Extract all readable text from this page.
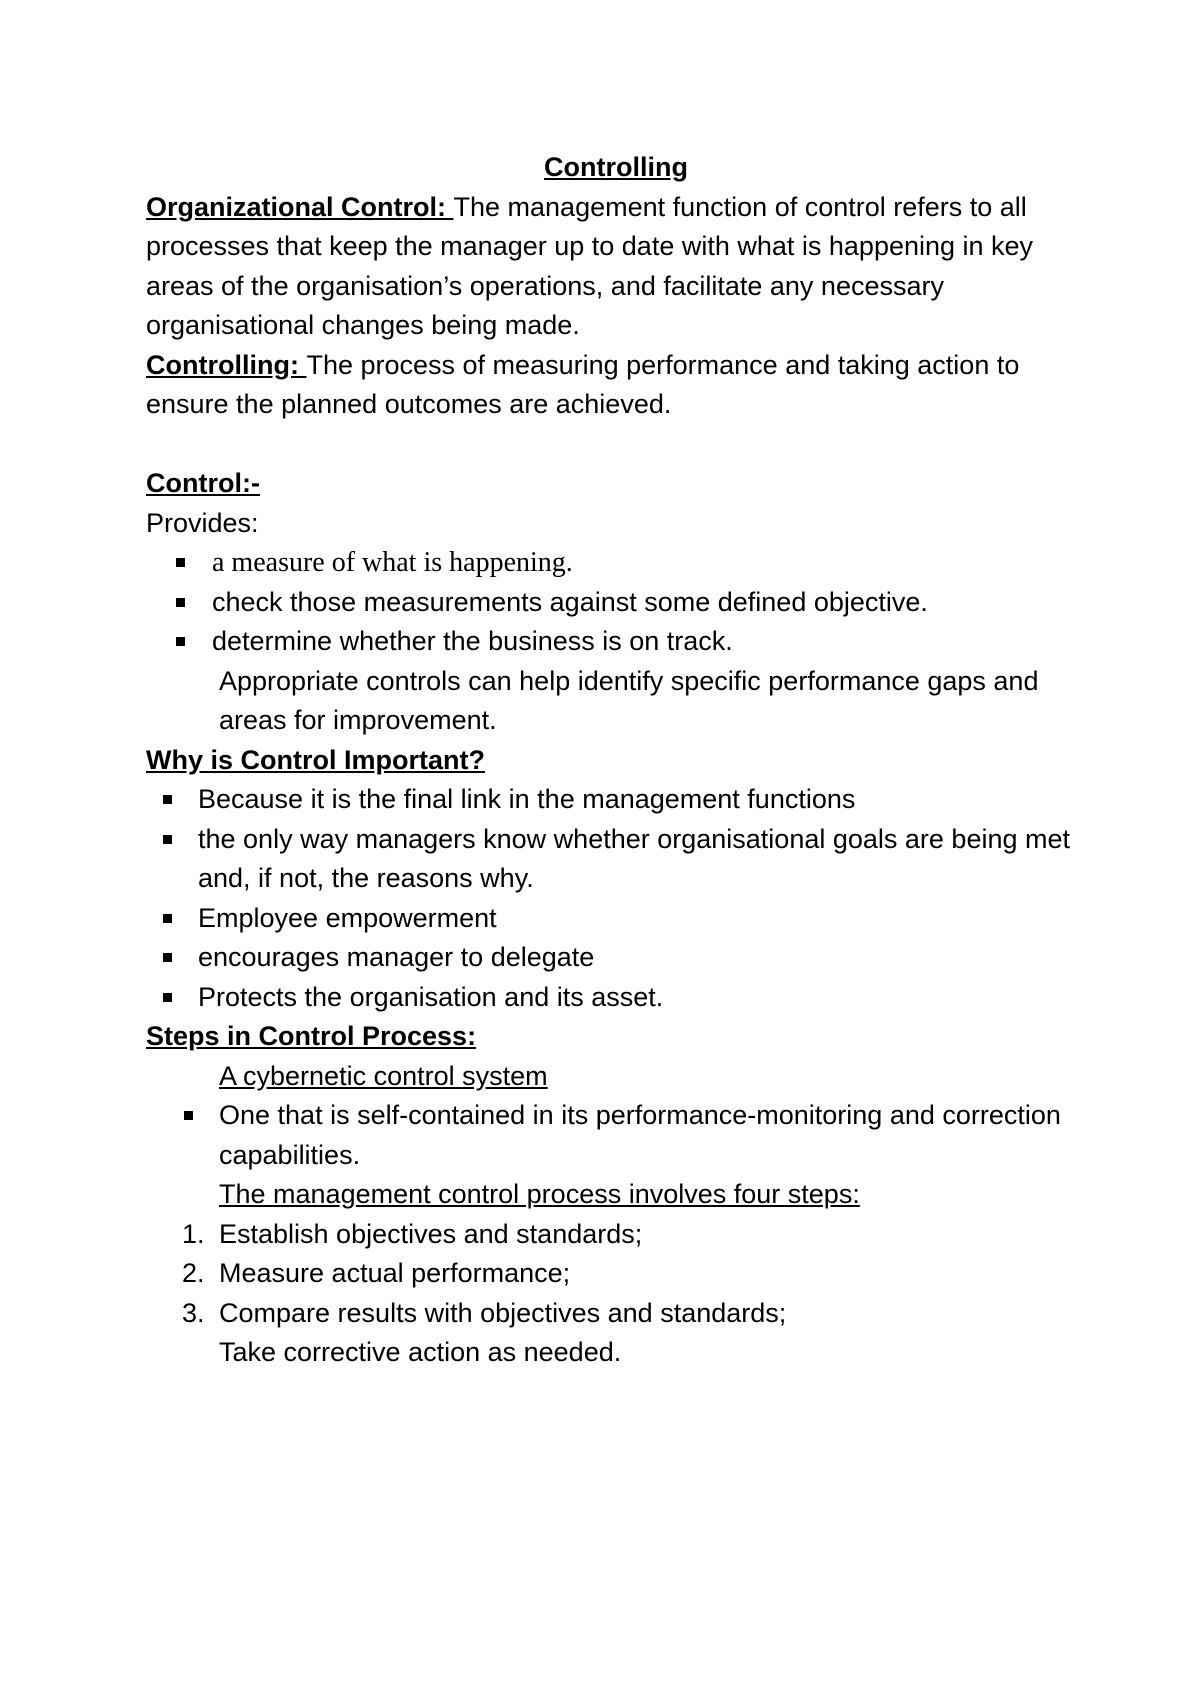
Controlling

Organizational Control: The management function of control refers to all processes that keep the manager up to date with what is happening in key areas of the organisation’s operations, and facilitate any necessary organisational changes being made.

Controlling: The process of measuring performance and taking action to ensure the planned outcomes are achieved.

Control:-

Provides:

a measure of what is happening.
check those measurements against some defined objective.
determine whether the business is on track.

Appropriate controls can help identify specific performance gaps and areas for improvement.

Why is Control Important?

Because it is the final link in the management functions
the only way managers know whether organisational goals are being met and, if not, the reasons why.
Employee empowerment
encourages manager to delegate
Protects the organisation and its asset.

Steps in Control Process:

A cybernetic control system

One that is self-contained in its performance-monitoring and correction capabilities.

The management control process involves four steps:

1. Establish objectives and standards;
2. Measure actual performance;
3. Compare results with objectives and standards;

Take corrective action as needed.
